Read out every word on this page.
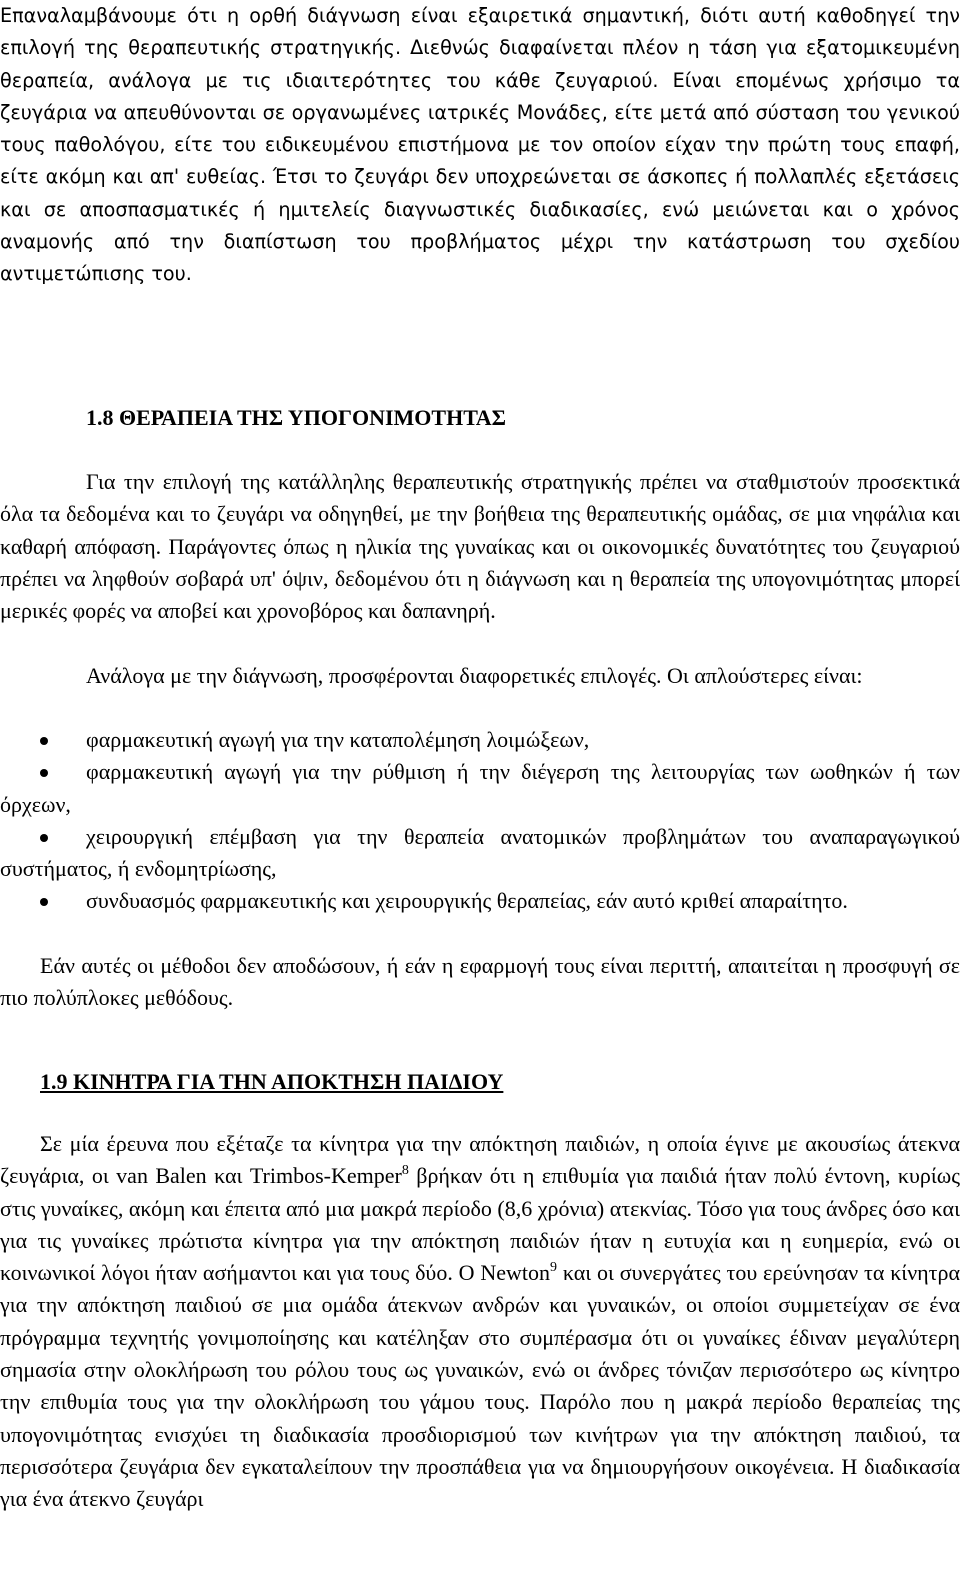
Επαναλαμβάνουμε ότι η ορθή διάγνωση είναι εξαιρετικά σημαντική, διότι αυτή καθοδηγεί την επιλογή της θεραπευτικής στρατηγικής. Διεθνώς διαφαίνεται πλέον η τάση για εξατομικευμένη θεραπεία, ανάλογα με τις ιδιαιτερότητες του κάθε ζευγαριού. Είναι επομένως χρήσιμο τα ζευγάρια να απευθύνονται σε οργανωμένες ιατρικές Μονάδες, είτε μετά από σύσταση του γενικού τους παθολόγου, είτε του ειδικευμένου επιστήμονα με τον οποίον είχαν την πρώτη τους επαφή, είτε ακόμη και απ' ευθείας. Έτσι το ζευγάρι δεν υποχρεώνεται σε άσκοπες ή πολλαπλές εξετάσεις και σε αποσπασματικές ή ημιτελείς διαγνωστικές διαδικασίες, ενώ μειώνεται και ο χρόνος αναμονής από την διαπίστωση του προβλήματος μέχρι την κατάστρωση του σχεδίου αντιμετώπισης του.

1.8 ΘΕΡΑΠΕΙΑ ΤΗΣ ΥΠΟΓΟΝΙΜΟΤΗΤΑΣ

Για την επιλογή της κατάλληλης θεραπευτικής στρατηγικής πρέπει να σταθμιστούν προσεκτικά όλα τα δεδομένα και το ζευγάρι να οδηγηθεί, με την βοήθεια της θεραπευτικής ομάδας, σε μια νηφάλια και καθαρή απόφαση. Παράγοντες όπως η ηλικία της γυναίκας και οι οικονομικές δυνατότητες του ζευγαριού πρέπει να ληφθούν σοβαρά υπ' όψιν, δεδομένου ότι η διάγνωση και η θεραπεία της υπογονιμότητας μπορεί μερικές φορές να αποβεί και χρονοβόρος και δαπανηρή.

Ανάλογα με την διάγνωση, προσφέρονται διαφορετικές επιλογές. Οι απλούστερες είναι:

φαρμακευτική αγωγή για την καταπολέμηση λοιμώξεων,
φαρμακευτική αγωγή για την ρύθμιση ή την διέγερση της λειτουργίας των ωοθηκών ή των όρχεων,
χειρουργική επέμβαση για την θεραπεία ανατομικών προβλημάτων του αναπαραγωγικού συστήματος, ή ενδομητρίωσης,
συνδυασμός φαρμακευτικής και χειρουργικής θεραπείας, εάν αυτό κριθεί απαραίτητο.

Εάν αυτές οι μέθοδοι δεν αποδώσουν, ή εάν η εφαρμογή τους είναι περιττή, απαιτείται η προσφυγή σε πιο πολύπλοκες μεθόδους.

1.9 ΚΙΝΗΤΡΑ ΓΙΑ ΤΗΝ ΑΠΟΚΤΗΣΗ ΠΑΙΔΙΟΥ

Σε μία έρευνα που εξέταζε τα κίνητρα για την απόκτηση παιδιών, η οποία έγινε με ακουσίως άτεκνα ζευγάρια, οι van Balen και Trimbos-Kemper$^8$ βρήκαν ότι η επιθυμία για παιδιά ήταν πολύ έντονη, κυρίως στις γυναίκες, ακόμη και έπειτα από μια μακρά περίοδο (8,6 χρόνια) ατεκνίας. Τόσο για τους άνδρες όσο και για τις γυναίκες πρώτιστα κίνητρα για την απόκτηση παιδιών ήταν η ευτυχία και η ευημερία, ενώ οι κοινωνικοί λόγοι ήταν ασήμαντοι και για τους δύο. Ο Newton$^9$ και οι συνεργάτες του ερεύνησαν τα κίνητρα για την απόκτηση παιδιού σε μια ομάδα άτεκνων ανδρών και γυναικών, οι οποίοι συμμετείχαν σε ένα πρόγραμμα τεχνητής γονιμοποίησης και κατέληξαν στο συμπέρασμα ότι οι γυναίκες έδιναν μεγαλύτερη σημασία στην ολοκλήρωση του ρόλου τους ως γυναικών, ενώ οι άνδρες τόνιζαν περισσότερο ως κίνητρο την επιθυμία τους για την ολοκλήρωση του γάμου τους. Παρόλο που η μακρά περίοδο θεραπείας της υπογονιμότητας ενισχύει τη διαδικασία προσδιορισμού των κινήτρων για την απόκτηση παιδιού, τα περισσότερα ζευγάρια δεν εγκαταλείπουν την προσπάθεια για να δημιουργήσουν οικογένεια. Η διαδικασία για ένα άτεκνο ζευγάρι
